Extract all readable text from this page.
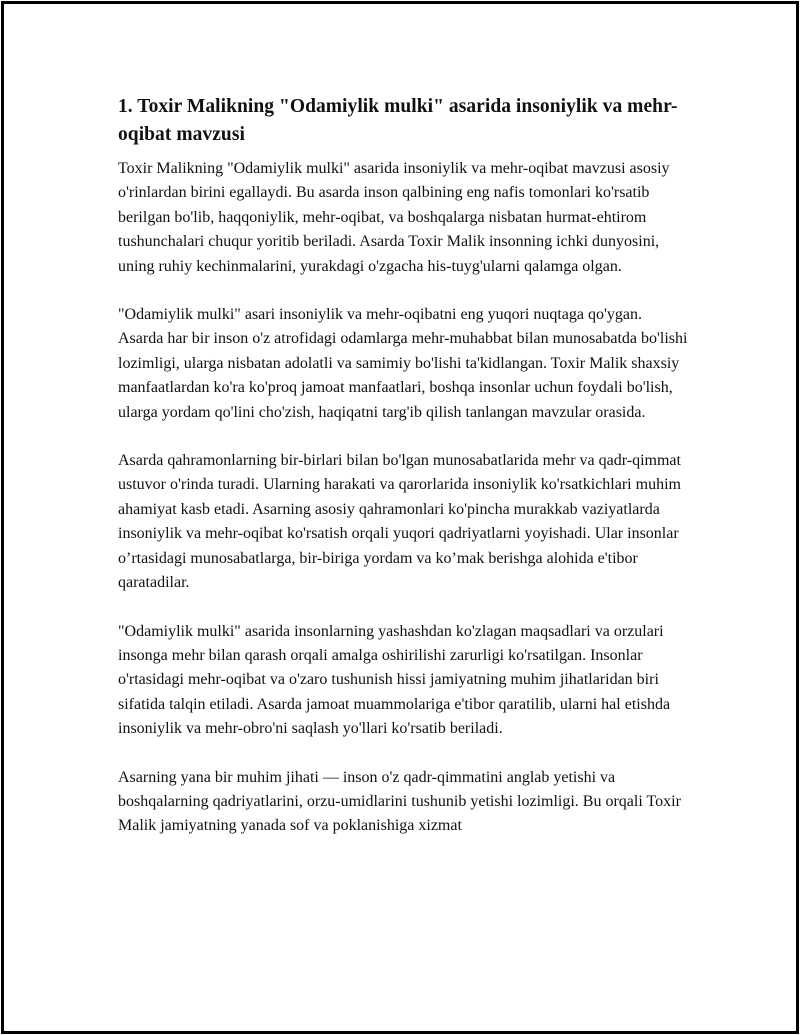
1. Toxir Malikning "Odamiylik mulki" asarida insoniylik va mehr-oqibat mavzusi

Toxir Malikning "Odamiylik mulki" asarida insoniylik va mehr-oqibat mavzusi asosiy o'rinlardan birini egallaydi. Bu asarda inson qalbining eng nafis tomonlari ko'rsatib berilgan bo'lib, haqqoniylik, mehr-oqibat, va boshqalarga nisbatan hurmat-ehtirom tushunchalari chuqur yoritib beriladi. Asarda Toxir Malik insonning ichki dunyosini, uning ruhiy kechinmalarini, yurakdagi o'zgacha his-tuyg'ularni qalamga olgan.

"Odamiylik mulki" asari insoniylik va mehr-oqibatni eng yuqori nuqtaga qo'ygan. Asarda har bir inson o'z atrofidagi odamlarga mehr-muhabbat bilan munosabatda bo'lishi lozimligi, ularga nisbatan adolatli va samimiy bo'lishi ta'kidlangan. Toxir Malik shaxsiy manfaatlardan ko'ra ko'proq jamoat manfaatlari, boshqa insonlar uchun foydali bo'lish, ularga yordam qo'lini cho'zish, haqiqatni targ'ib qilish tanlangan mavzular orasida.

Asarda qahramonlarning bir-birlari bilan bo'lgan munosabatlarida mehr va qadr-qimmat ustuvor o'rinda turadi. Ularning harakati va qarorlarida insoniylik ko'rsatkichlari muhim ahamiyat kasb etadi. Asarning asosiy qahramonlari ko'pincha murakkab vaziyatlarda insoniylik va mehr-oqibat ko'rsatish orqali yuqori qadriyatlarni yoyishadi. Ular insonlar o’rtasidagi munosabatlarga, bir-biriga yordam va ko’mak berishga alohida e'tibor qaratadilar.

"Odamiylik mulki" asarida insonlarning yashashdan ko'zlagan maqsadlari va orzulari insonga mehr bilan qarash orqali amalga oshirilishi zarurligi ko'rsatilgan. Insonlar o'rtasidagi mehr-oqibat va o'zaro tushunish hissi jamiyatning muhim jihatlaridan biri sifatida talqin etiladi. Asarda jamoat muammolariga e'tibor qaratilib, ularni hal etishda insoniylik va mehr-obro'ni saqlash yo'llari ko'rsatib beriladi.

Asarning yana bir muhim jihati — inson o'z qadr-qimmatini anglab yetishi va boshqalarning qadriyatlarini, orzu-umidlarini tushunib yetishi lozimligi. Bu orqali Toxir Malik jamiyatning yanada sof va poklanishiga xizmat
